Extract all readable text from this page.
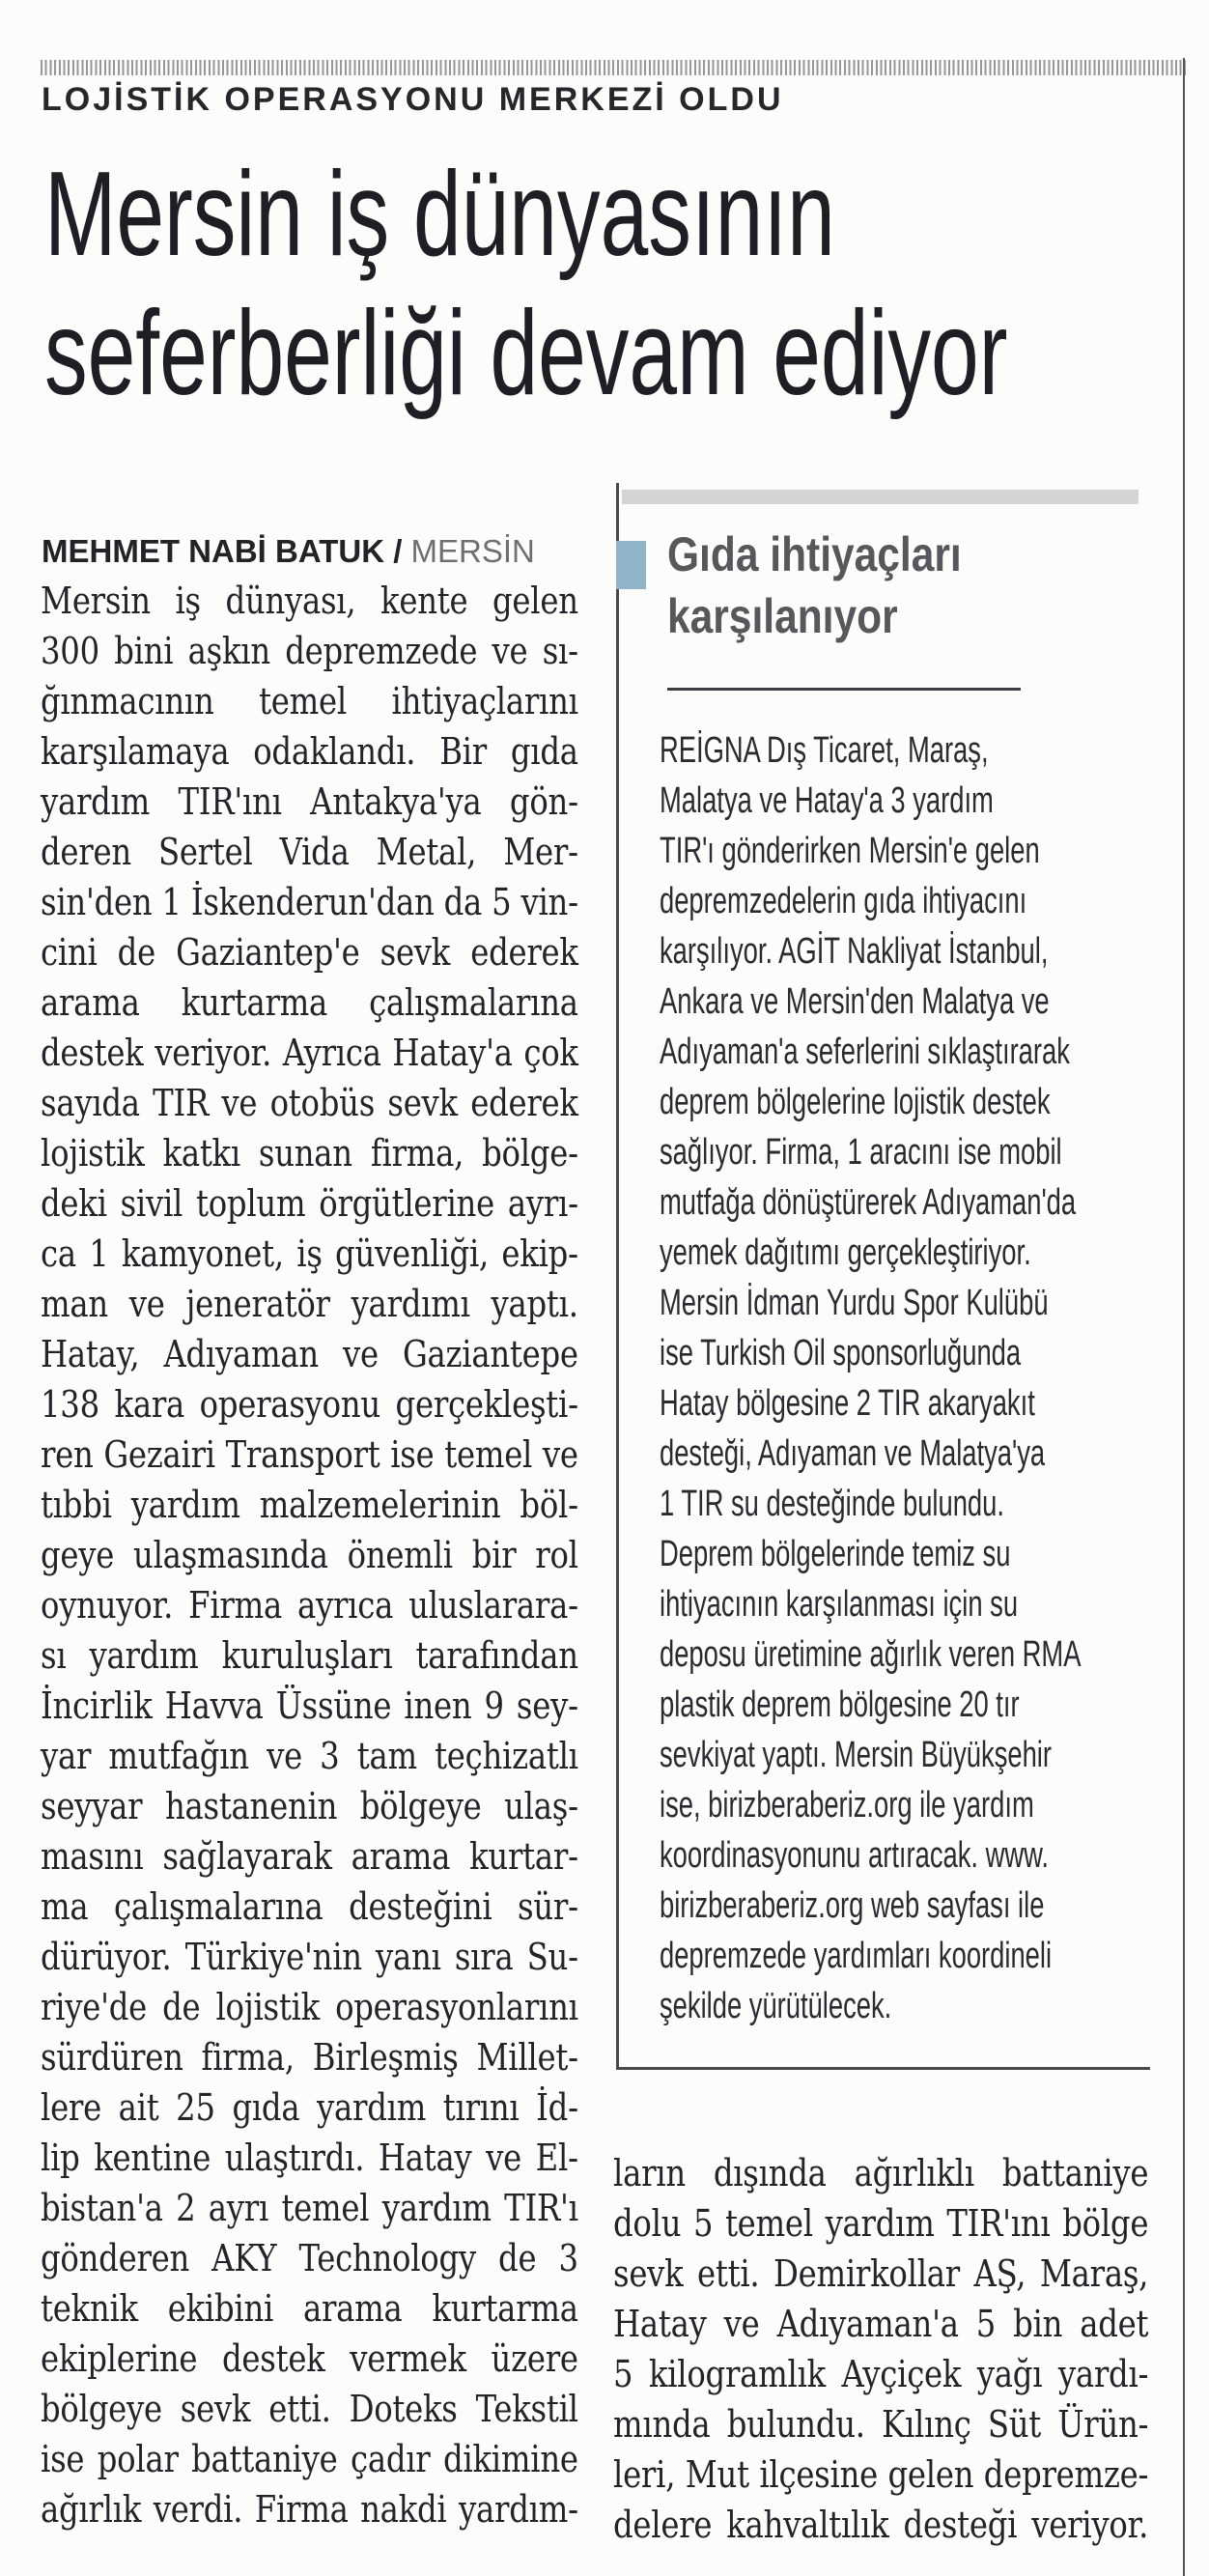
LOJİSTİK OPERASYONU MERKEZİ OLDU
Mersin iş dünyasının
seferberliği devam ediyor
MEHMET NABİ BATUK / MERSİN
Mersin iş dünyası, kente gelen
300 bini aşkın depremzede ve sı-
ğınmacının temel ihtiyaçlarını
karşılamaya odaklandı. Bir gıda
yardım TIR'ını Antakya'ya gön-
deren Sertel Vida Metal, Mer-
sin'den 1 İskenderun'dan da 5 vin-
cini de Gaziantep'e sevk ederek
arama kurtarma çalışmalarına
destek veriyor. Ayrıca Hatay'a çok
sayıda TIR ve otobüs sevk ederek
lojistik katkı sunan firma, bölge-
deki sivil toplum örgütlerine ayrı-
ca 1 kamyonet, iş güvenliği, ekip-
man ve jeneratör yardımı yaptı.
Hatay, Adıyaman ve Gaziantepe
138 kara operasyonu gerçekleşti-
ren Gezairi Transport ise temel ve
tıbbi yardım malzemelerinin böl-
geye ulaşmasında önemli bir rol
oynuyor. Firma ayrıca uluslarara-
sı yardım kuruluşları tarafından
İncirlik Havva Üssüne inen 9 sey-
yar mutfağın ve 3 tam teçhizatlı
seyyar hastanenin bölgeye ulaş-
masını sağlayarak arama kurtar-
ma çalışmalarına desteğini sür-
dürüyor. Türkiye'nin yanı sıra Su-
riye'de de lojistik operasyonlarını
sürdüren firma, Birleşmiş Millet-
lere ait 25 gıda yardım tırını İd-
lip kentine ulaştırdı. Hatay ve El-
bistan'a 2 ayrı temel yardım TIR'ı
gönderen AKY Technology de 3
teknik ekibini arama kurtarma
ekiplerine destek vermek üzere
bölgeye sevk etti. Doteks Tekstil
ise polar battaniye çadır dikimine
ağırlık verdi. Firma nakdi yardım-
Gıda ihtiyaçları
karşılanıyor
REİGNA Dış Ticaret, Maraş,
Malatya ve Hatay'a 3 yardım
TIR'ı gönderirken Mersin'e gelen
depremzedelerin gıda ihtiyacını
karşılıyor. AGİT Nakliyat İstanbul,
Ankara ve Mersin'den Malatya ve
Adıyaman'a seferlerini sıklaştırarak
deprem bölgelerine lojistik destek
sağlıyor. Firma, 1 aracını ise mobil
mutfağa dönüştürerek Adıyaman'da
yemek dağıtımı gerçekleştiriyor.
Mersin İdman Yurdu Spor Kulübü
ise Turkish Oil sponsorluğunda
Hatay bölgesine 2 TIR akaryakıt
desteği, Adıyaman ve Malatya'ya
1 TIR su desteğinde bulundu.
Deprem bölgelerinde temiz su
ihtiyacının karşılanması için su
deposu üretimine ağırlık veren RMA
plastik deprem bölgesine 20 tır
sevkiyat yaptı. Mersin Büyükşehir
ise, birizberaberiz.org ile yardım
koordinasyonunu artıracak. www.
birizberaberiz.org web sayfası ile
depremzede yardımları koordineli
şekilde yürütülecek.
ların dışında ağırlıklı battaniye
dolu 5 temel yardım TIR'ını bölge
sevk etti. Demirkollar AŞ, Maraş,
Hatay ve Adıyaman'a 5 bin adet
5 kilogramlık Ayçiçek yağı yardı-
mında bulundu. Kılınç Süt Ürün-
leri, Mut ilçesine gelen depremze-
delere kahvaltılık desteği veriyor.
